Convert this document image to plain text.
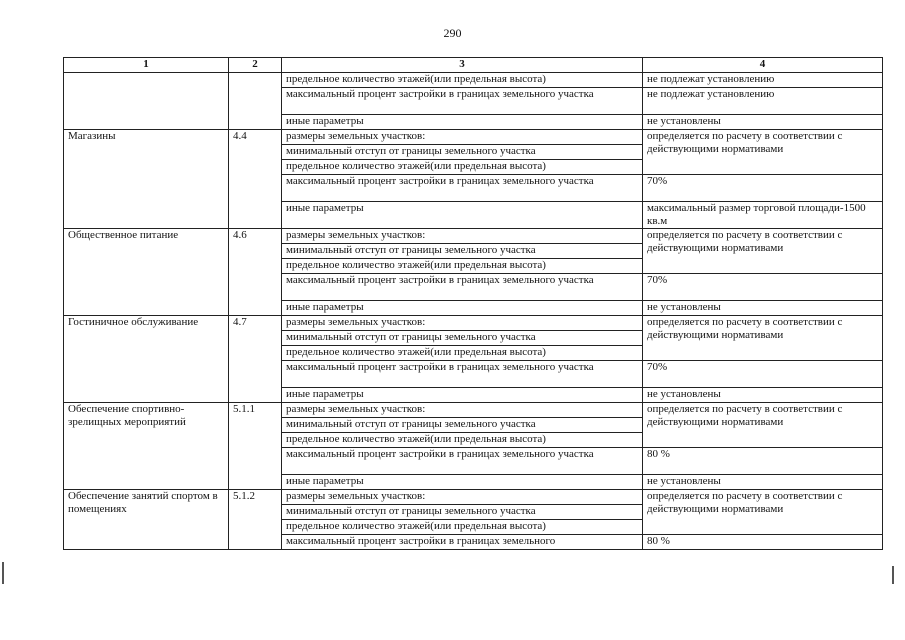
290
1	2	3	4
		предельное количество этажей(или предельная высота)	не подлежат установлению
		максимальный процент застройки в границах земельного участка	не подлежат установлению
		иные параметры	не установлены
Магазины	4.4	размеры земельных участков:	определяется по расчету в соответствии с действующими нормативами
		минимальный отступ от границы земельного участка	
		предельное количество этажей(или предельная высота)	
		максимальный процент застройки в границах земельного участка	70%
		иные параметры	максимальный размер торговой площади-1500 кв.м
Общественное питание	4.6	размеры земельных участков:	определяется по расчету в соответствии с действующими нормативами
		минимальный отступ от границы земельного участка	
		предельное количество этажей(или предельная высота)	
		максимальный процент застройки в границах земельного участка	70%
		иные параметры	не установлены
Гостиничное обслуживание	4.7	размеры земельных участков:	определяется по расчету в соответствии с действующими нормативами
		минимальный отступ от границы земельного участка	
		предельное количество этажей(или предельная высота)	
		максимальный процент застройки в границах земельного участка	70%
		иные параметры	не установлены
Обеспечение спортивно-зрелищных мероприятий	5.1.1	размеры земельных участков:	определяется по расчету в соответствии с действующими нормативами
		минимальный отступ от границы земельного участка	
		предельное количество этажей(или предельная высота)	
		максимальный процент застройки в границах земельного участка	80 %
		иные параметры	не установлены
Обеспечение занятий спортом в помещениях	5.1.2	размеры земельных участков:	определяется по расчету в соответствии с действующими нормативами
		минимальный отступ от границы земельного участка	
		предельное количество этажей(или предельная высота)	
		максимальный процент застройки в границах земельного	80 %
